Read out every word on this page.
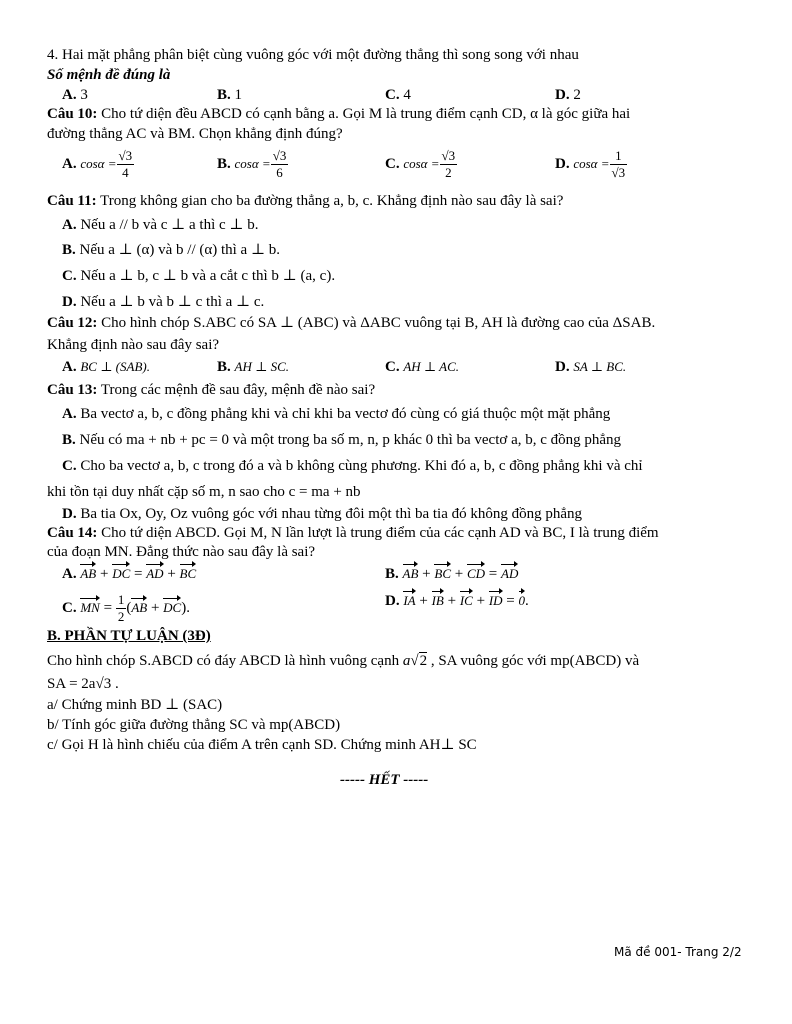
4. Hai mặt phẳng phân biệt cùng vuông góc với một đường thẳng thì song song với nhau
Số mệnh đề đúng là
A. 3	B. 1	C. 4	D. 2
Câu 10: Cho tứ diện đều ABCD có cạnh bằng a. Gọi M là trung điểm cạnh CD, α là góc giữa hai
đường thẳng AC và BM. Chọn khẳng định đúng?
A. $\cos\alpha = \frac{√3}{4}$	B. $\cos\alpha = \frac{√3}{6}$	C. $\cos\alpha = \frac{√3}{2}$	D. $\cos\alpha = \frac{1}{√3}$
Câu 11: Trong không gian cho ba đường thẳng a, b, c. Khẳng định nào sau đây là sai?
A. Nếu a // b và c ⊥ a thì c ⊥ b.
B. Nếu a ⊥ (α) và b // (α) thì a ⊥ b.
C. Nếu a ⊥ b, c ⊥ b và a cắt c thì b ⊥ (a, c).
D. Nếu a ⊥ b và b ⊥ c thì a ⊥ c.
Câu 12: Cho hình chóp S.ABC có SA ⊥ (ABC) và ΔABC vuông tại B, AH là đường cao của ΔSAB.
Khẳng định nào sau đây sai?
A. BC ⊥ (SAB).	B. AH ⊥ SC.	C. AH ⊥ AC.	D. SA ⊥ BC.
Câu 13: Trong các mệnh đề sau đây, mệnh đề nào sai?
A. Ba vectơ a, b, c đồng phẳng khi và chỉ khi ba vectơ đó cùng có giá thuộc một mặt phẳng
B. Nếu có ma + nb + pc = 0 và một trong ba số m, n, p khác 0 thì ba vectơ a, b, c đồng phẳng
C. Cho ba vectơ a, b, c trong đó a và b không cùng phương. Khi đó a, b, c đồng phẳng khi và chỉ
khi tồn tại duy nhất cặp số m, n sao cho c = ma + nb
D. Ba tia Ox, Oy, Oz vuông góc với nhau từng đôi một thì ba tia đó không đồng phẳng
Câu 14: Cho tứ diện ABCD. Gọi M, N lần lượt là trung điểm của các cạnh AD và BC, I là trung điểm
của đoạn MN. Đẳng thức nào sau đây là sai?
A. AB + DC = AD + BC	B. AB + BC + CD = AD
C. MN = $\frac{1}{2} (AB + DC)$.	D. IA + IB + IC + ID = 0.
B. PHẦN TỰ LUẬN (3Đ)
Cho hình chóp S.ABCD có đáy ABCD là hình vuông cạnh a√2 , SA vuông góc với mp(ABCD) và
SA = 2a√3 .
a/ Chứng minh BD ⊥ (SAC)
b/ Tính góc giữa đường thẳng SC và mp(ABCD)
c/ Gọi H là hình chiếu của điểm A trên cạnh SD. Chứng minh AH⊥ SC
----- HẾT -----
Mã đề 001- Trang 2/2
